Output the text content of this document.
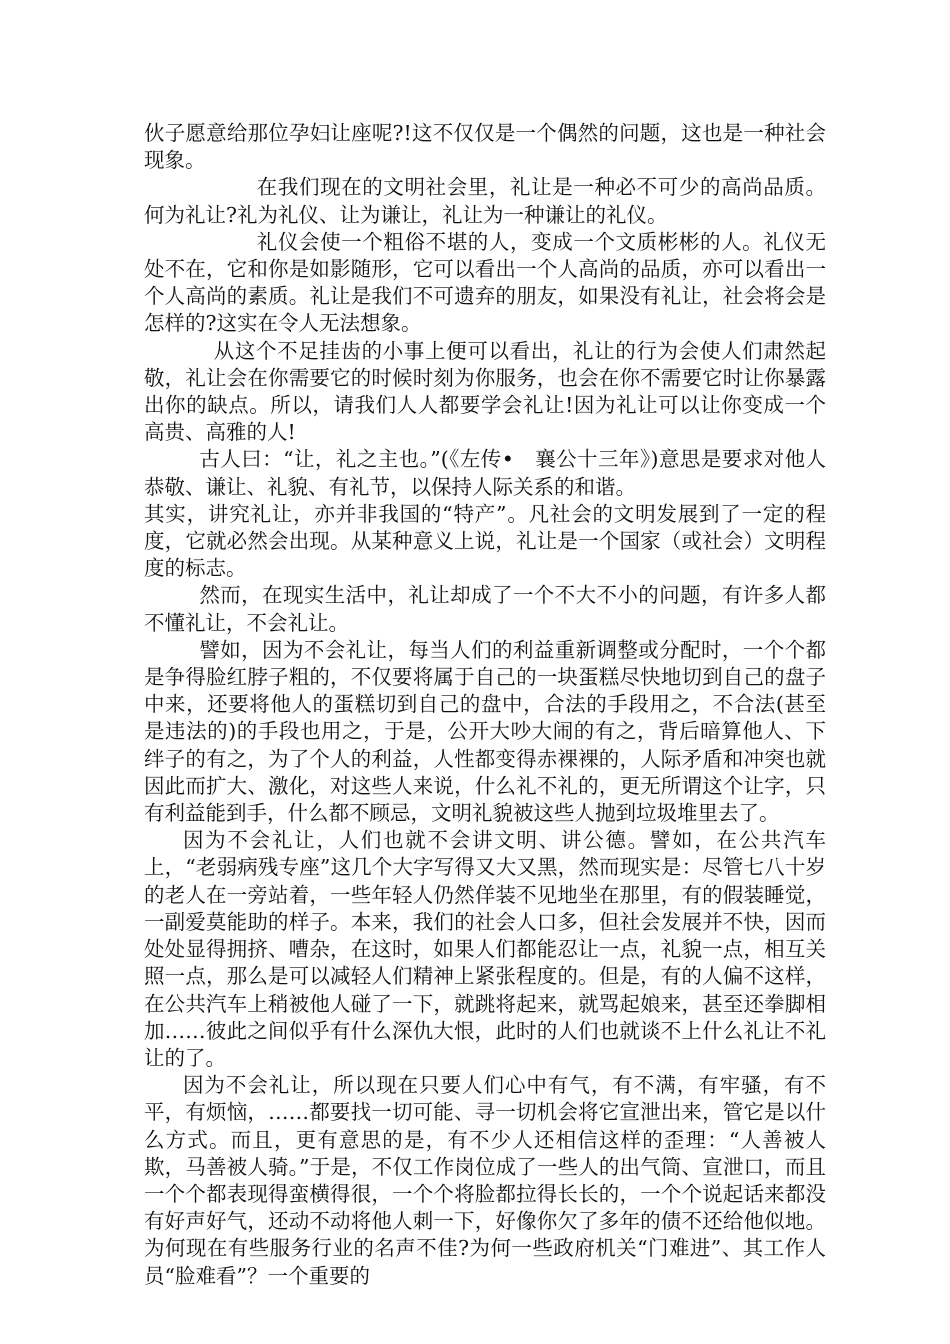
伙子愿意给那位孕妇让座呢?!这不仅仅是一个偶然的问题，这也是一种社会现象。

在我们现在的文明社会里，礼让是一种必不可少的高尚品质。何为礼让?礼为礼仪、让为谦让，礼让为一种谦让的礼仪。

礼仪会使一个粗俗不堪的人，变成一个文质彬彬的人。礼仪无处不在，它和你是如影随形，它可以看出一个人高尚的品质，亦可以看出一个人高尚的素质。礼让是我们不可遗弃的朋友，如果没有礼让，社会将会是怎样的?这实在令人无法想象。

从这个不足挂齿的小事上便可以看出，礼让的行为会使人们肃然起敬，礼让会在你需要它的时候时刻为你服务，也会在你不需要它时让你暴露出你的缺点。所以，请我们人人都要学会礼让!因为礼让可以让你变成一个高贵、高雅的人!

古人曰：“让，礼之主也。”(《左传•　襄公十三年》)意思是要求对他人恭敬、谦让、礼貌、有礼节，以保持人际关系的和谐。

其实，讲究礼让，亦并非我国的“特产”。凡社会的文明发展到了一定的程度，它就必然会出现。从某种意义上说，礼让是一个国家（或社会）文明程度的标志。

然而，在现实生活中，礼让却成了一个不大不小的问题，有许多人都不懂礼让，不会礼让。

譬如，因为不会礼让，每当人们的利益重新调整或分配时，一个个都是争得脸红脖子粗的，不仅要将属于自己的一块蛋糕尽快地切到自己的盘子中来，还要将他人的蛋糕切到自己的盘中，合法的手段用之，不合法(甚至是违法的)的手段也用之，于是，公开大吵大闹的有之，背后暗算他人、下绊子的有之，为了个人的利益，人性都变得赤裸裸的，人际矛盾和冲突也就因此而扩大、激化，对这些人来说，什么礼不礼的，更无所谓这个让字，只有利益能到手，什么都不顾忌，文明礼貌被这些人抛到垃圾堆里去了。

因为不会礼让，人们也就不会讲文明、讲公德。譬如，在公共汽车上，“老弱病残专座”这几个大字写得又大又黑，然而现实是：尽管七八十岁的老人在一旁站着，一些年轻人仍然佯装不见地坐在那里，有的假装睡觉，一副爱莫能助的样子。本来，我们的社会人口多，但社会发展并不快，因而处处显得拥挤、嘈杂，在这时，如果人们都能忍让一点，礼貌一点，相互关照一点，那么是可以减轻人们精神上紧张程度的。但是，有的人偏不这样，在公共汽车上稍被他人碰了一下，就跳将起来，就骂起娘来，甚至还拳脚相加……彼此之间似乎有什么深仇大恨，此时的人们也就谈不上什么礼让不礼让的了。

因为不会礼让，所以现在只要人们心中有气，有不满，有牢骚，有不平，有烦恼，……都要找一切可能、寻一切机会将它宣泄出来，管它是以什么方式。而且，更有意思的是，有不少人还相信这样的歪理：“人善被人欺，马善被人骑。”于是，不仅工作岗位成了一些人的出气筒、宣泄口，而且一个个都表现得蛮横得很，一个个将脸都拉得长长的，一个个说起话来都没有好声好气，还动不动将他人刺一下，好像你欠了多年的债不还给他似地。为何现在有些服务行业的名声不佳?为何一些政府机关“门难进”、其工作人员“脸难看”？一个重要的
